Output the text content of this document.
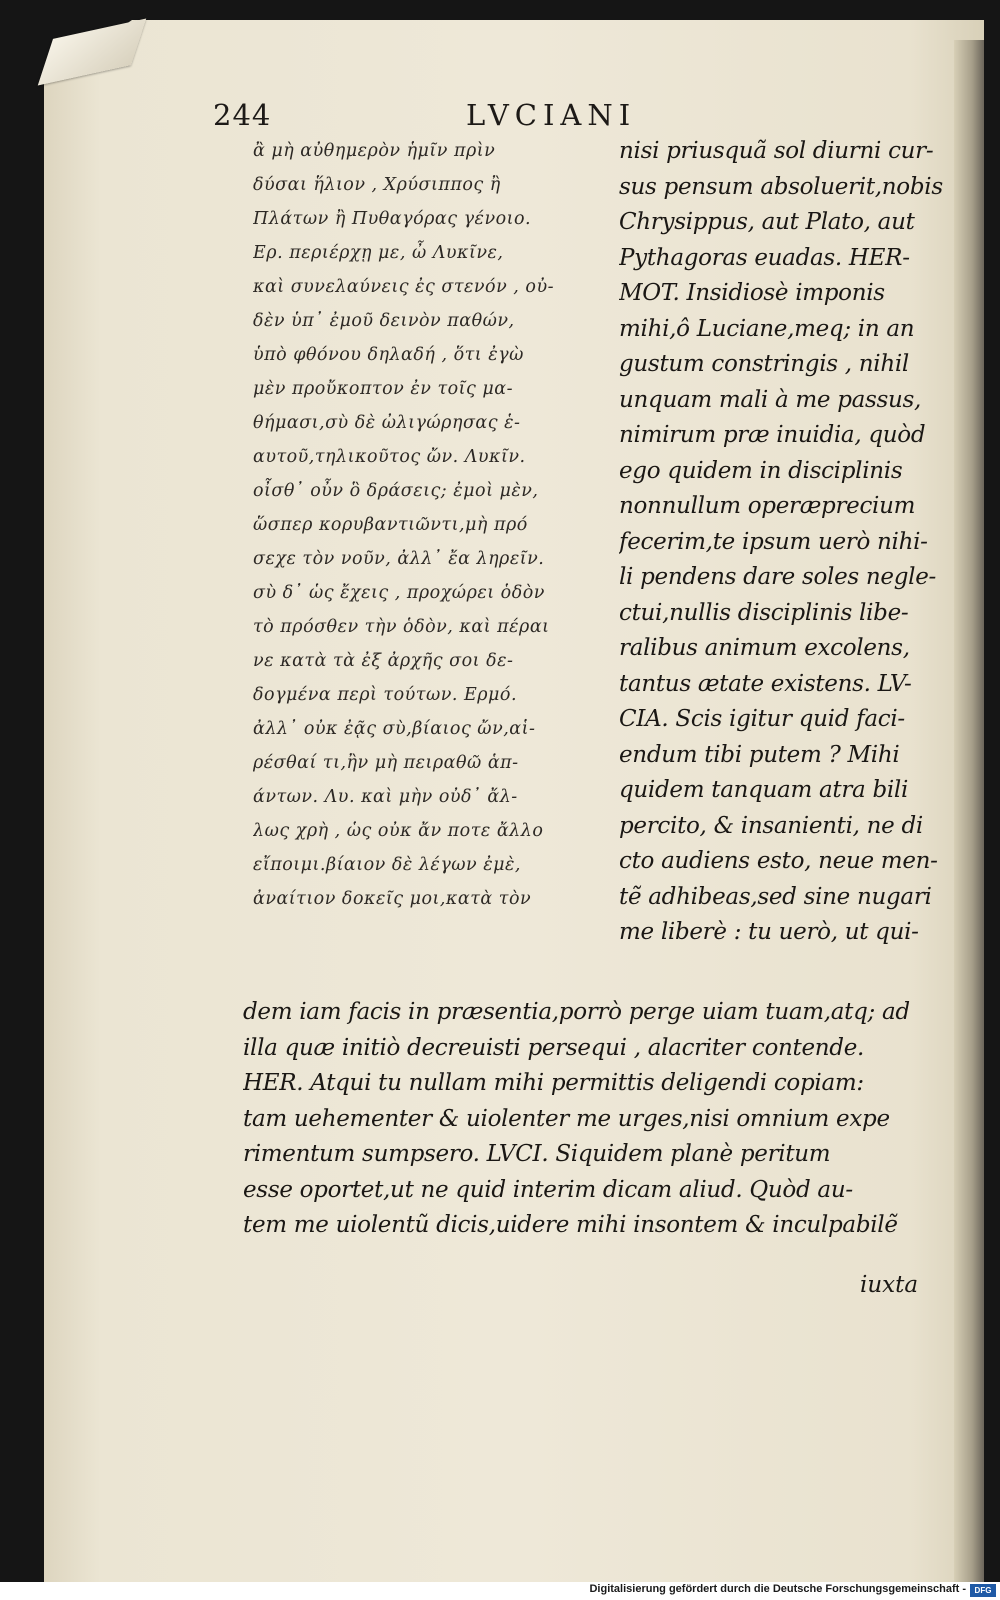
244	LVCIANI
ἂ μὴ αὐθημερὸν ἡμῖν πρὶν
δύσαι ἥλιον , Χρύσιππος ἢ
Πλάτων ἢ Πυθαγόρας γένοιο.
Ερ. περιέρχῃ με, ὦ Λυκῖνε,
καὶ συνελαύνεις ἐς στενόν , οὐ-
δὲν ὑπ᾽ ἐμοῦ δεινὸν παθών,
ὑπὸ φθόνου δηλαδή , ὅτι ἐγὼ
μὲν προὔκοπτον ἐν τοῖς μα-
θήμασι,σὺ δὲ ὠλιγώρησας ἑ-
αυτοῦ,τηλικοῦτος ὤν. Λυκῖν.
οἶσθ᾽ οὖν ὃ δράσεις; ἐμοὶ μὲν,
ὥσπερ κορυβαντιῶντι,μὴ πρό
σεχε τὸν νοῦν, ἀλλ᾽ ἔα ληρεῖν.
σὺ δ᾽ ὡς ἔχεις , προχώρει ὁδὸν
τὸ πρόσθεν τὴν ὁδὸν, καὶ πέραι
νε κατὰ τὰ ἐξ ἀρχῆς σοι δε-
δογμένα περὶ τούτων. Ερμό.
ἀλλ᾽ οὐκ ἐᾷς σὺ,βίαιος ὤν,αἱ-
ρέσθαί τι,ἢν μὴ πειραθῶ ἁπ-
άντων. Λυ. καὶ μὴν οὐδ᾽ ἄλ-
λως χρὴ , ὡς οὐκ ἄν ποτε ἄλλο
εἴποιμι.βίαιον δὲ λέγων ἐμὲ,
ἀναίτιον δοκεῖς μοι,κατὰ τὸν
nisi priusquã sol diurni cur-
sus pensum absoluerit,nobis
Chrysippus, aut Plato, aut
Pythagoras euadas. HER-
MOT. Insidiosè imponis
mihi,ô Luciane,meq; in an
gustum constringis , nihil
unquam mali à me passus,
nimirum præ inuidia, quòd
ego quidem in disciplinis
nonnullum operæprecium
fecerim,te ipsum uerò nihi-
li pendens dare soles negle-
ctui,nullis disciplinis libe-
ralibus animum excolens,
tantus ætate existens. LV-
CIA. Scis igitur quid faci-
endum tibi putem ? Mihi
quidem tanquam atra bili
percito, & insanienti, ne di
cto audiens esto, neue men-
tẽ adhibeas,sed sine nugari
me liberè : tu uerò, ut qui-
dem iam facis in præsentia,porrò perge uiam tuam,atq; ad
illa quæ initiò decreuisti persequi , alacriter contende.
HER. Atqui tu nullam mihi permittis deligendi copiam:
tam uehementer & uiolenter me urges,nisi omnium expe
rimentum sumpsero. LVCI. Siquidem planè peritum
esse oportet,ut ne quid interim dicam aliud. Quòd au-
tem me uiolentũ dicis,uidere mihi insontem & inculpabilẽ
iuxta
Digitalisierung gefördert durch die Deutsche Forschungsgemeinschaft -	DFG
